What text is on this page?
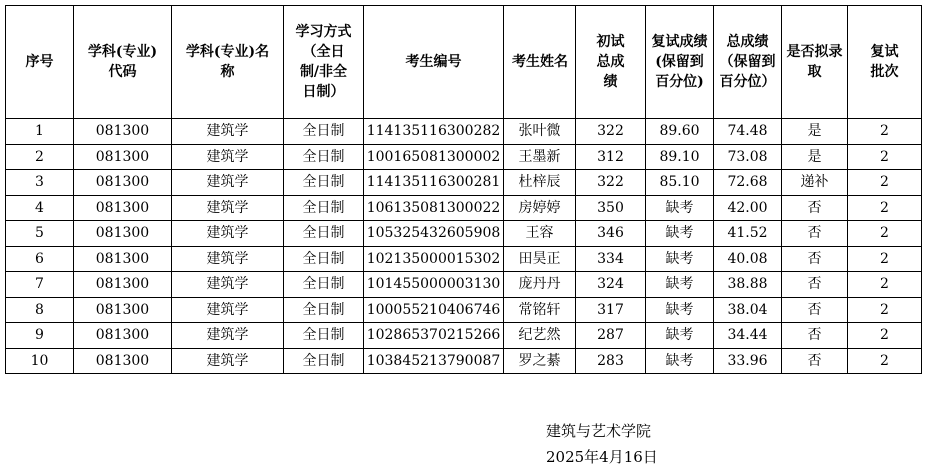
序号	学科(专业)代码	学科(专业)名称	学习方式（全日制/非全日制）	考生编号	考生姓名	初试总成绩	复试成绩(保留到百分位)	总成绩（保留到百分位）	是否拟录取	复试批次

1	081300	建筑学	全日制	114135116300282	张叶微	322	89.60	74.48	是	2
2	081300	建筑学	全日制	100165081300002	王墨新	312	89.10	73.08	是	2
3	081300	建筑学	全日制	114135116300281	杜梓辰	322	85.10	72.68	递补	2
4	081300	建筑学	全日制	106135081300022	房婷婷	350	缺考	42.00	否	2
5	081300	建筑学	全日制	105325432605908	王容	346	缺考	41.52	否	2
6	081300	建筑学	全日制	102135000015302	田昊正	334	缺考	40.08	否	2
7	081300	建筑学	全日制	101455000003130	庞丹丹	324	缺考	38.88	否	2
8	081300	建筑学	全日制	100055210406746	常铭轩	317	缺考	38.04	否	2
9	081300	建筑学	全日制	102865370215266	纪艺然	287	缺考	34.44	否	2
10	081300	建筑学	全日制	103845213790087	罗之綦	283	缺考	33.96	否	2
建筑与艺术学院
2025年4月16日
